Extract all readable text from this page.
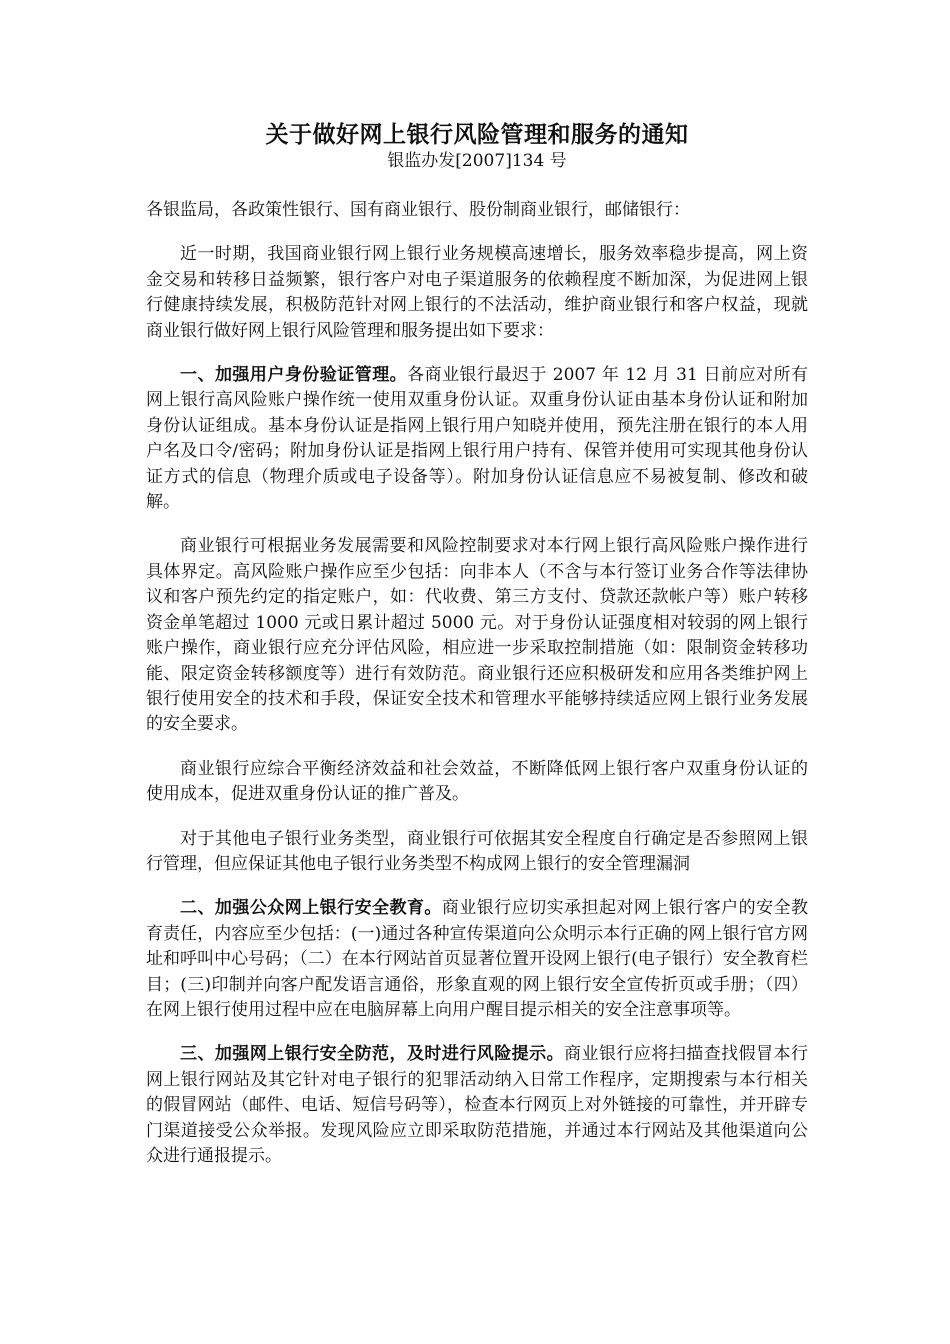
关于做好网上银行风险管理和服务的通知
银监办发[2007]134 号

各银监局，各政策性银行、国有商业银行、股份制商业银行，邮储银行：

近一时期，我国商业银行网上银行业务规模高速增长，服务效率稳步提高，网上资金交易和转移日益频繁，银行客户对电子渠道服务的依赖程度不断加深，为促进网上银行健康持续发展，积极防范针对网上银行的不法活动，维护商业银行和客户权益，现就商业银行做好网上银行风险管理和服务提出如下要求：

一、加强用户身份验证管理。各商业银行最迟于 2007 年 12 月 31 日前应对所有网上银行高风险账户操作统一使用双重身份认证。双重身份认证由基本身份认证和附加身份认证组成。基本身份认证是指网上银行用户知晓并使用，预先注册在银行的本人用户名及口令/密码；附加身份认证是指网上银行用户持有、保管并使用可实现其他身份认证方式的信息（物理介质或电子设备等）。附加身份认证信息应不易被复制、修改和破解。

商业银行可根据业务发展需要和风险控制要求对本行网上银行高风险账户操作进行具体界定。高风险账户操作应至少包括：向非本人（不含与本行签订业务合作等法律协议和客户预先约定的指定账户，如：代收费、第三方支付、贷款还款帐户等）账户转移资金单笔超过 1000 元或日累计超过 5000 元。对于身份认证强度相对较弱的网上银行账户操作，商业银行应充分评估风险，相应进一步采取控制措施（如：限制资金转移功能、限定资金转移额度等）进行有效防范。商业银行还应积极研发和应用各类维护网上银行使用安全的技术和手段，保证安全技术和管理水平能够持续适应网上银行业务发展的安全要求。

商业银行应综合平衡经济效益和社会效益，不断降低网上银行客户双重身份认证的使用成本，促进双重身份认证的推广普及。

对于其他电子银行业务类型，商业银行可依据其安全程度自行确定是否参照网上银行管理，但应保证其他电子银行业务类型不构成网上银行的安全管理漏洞

二、加强公众网上银行安全教育。商业银行应切实承担起对网上银行客户的安全教育责任，内容应至少包括：(一)通过各种宣传渠道向公众明示本行正确的网上银行官方网址和呼叫中心号码；（二）在本行网站首页显著位置开设网上银行(电子银行）安全教育栏目；(三)印制并向客户配发语言通俗，形象直观的网上银行安全宣传折页或手册；（四）在网上银行使用过程中应在电脑屏幕上向用户醒目提示相关的安全注意事项等。

三、加强网上银行安全防范，及时进行风险提示。商业银行应将扫描查找假冒本行网上银行网站及其它针对电子银行的犯罪活动纳入日常工作程序，定期搜索与本行相关的假冒网站（邮件、电话、短信号码等），检查本行网页上对外链接的可靠性，并开辟专门渠道接受公众举报。发现风险应立即采取防范措施，并通过本行网站及其他渠道向公众进行通报提示。
